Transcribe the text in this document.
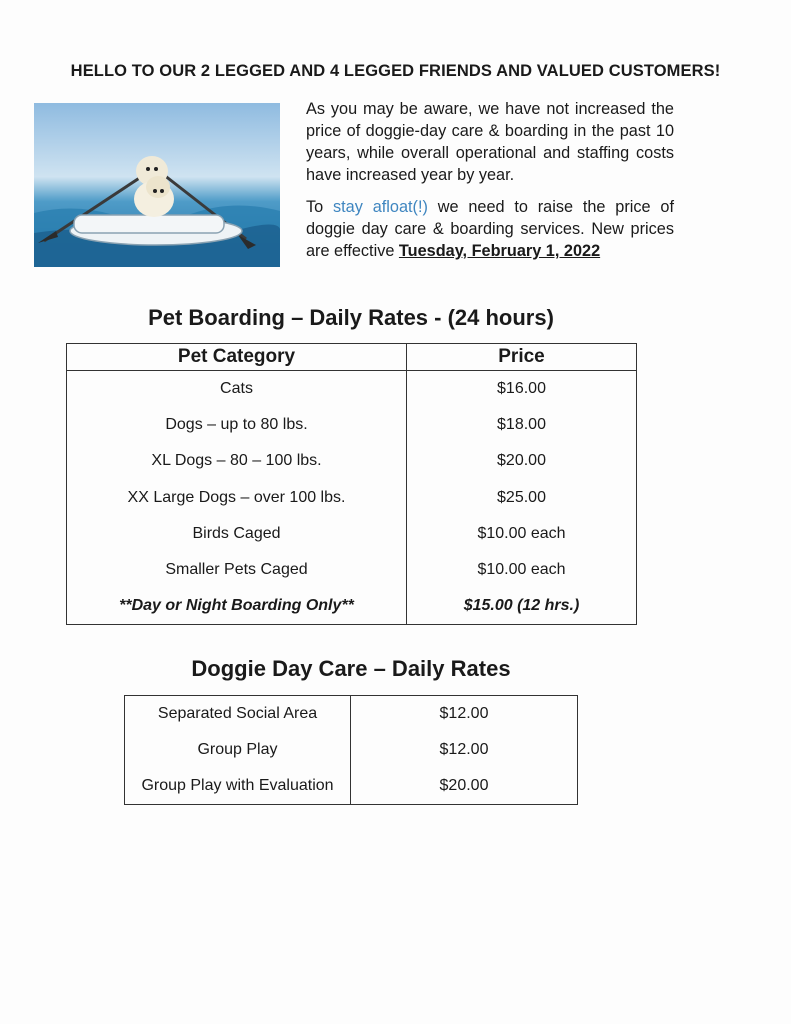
HELLO TO OUR 2 LEGGED AND 4 LEGGED FRIENDS AND VALUED CUSTOMERS!

As you may be aware, we have not increased the price of doggie-day care & boarding in the past 10 years, while overall operational and staffing costs have increased year by year.

To stay afloat(!) we need to raise the price of doggie day care & boarding services. New prices are effective Tuesday, February 1, 2022

Pet Boarding – Daily Rates - (24 hours)
Pet Category	Price
Cats	$16.00
Dogs – up to 80 lbs.	$18.00
XL Dogs – 80 – 100 lbs.	$20.00
XX Large Dogs – over 100 lbs.	$25.00
Birds Caged	$10.00 each
Smaller Pets Caged	$10.00 each
**Day or Night Boarding Only**	$15.00 (12 hrs.)
Doggie Day Care – Daily Rates
Separated Social Area	$12.00
Group Play	$12.00
Group Play with Evaluation	$20.00
